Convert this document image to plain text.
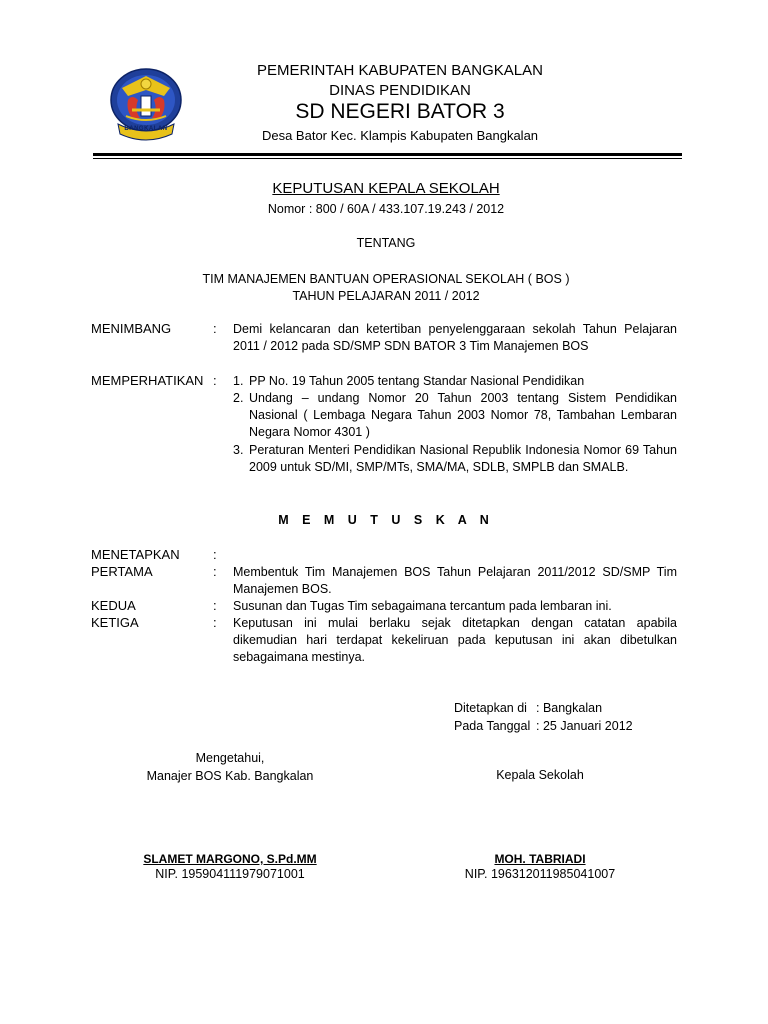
BANGKALAN
PEMERINTAH KABUPATEN BANGKALAN
DINAS PENDIDIKAN
SD NEGERI BATOR 3
Desa Bator Kec. Klampis Kabupaten Bangkalan
KEPUTUSAN KEPALA SEKOLAH
Nomor : 800 / 60A / 433.107.19.243 / 2012
TENTANG
TIM MANAJEMEN BANTUAN OPERASIONAL SEKOLAH ( BOS )
TAHUN PELAJARAN 2011 / 2012
MENIMBANG	: Demi kelancaran dan ketertiban penyelenggaraan sekolah Tahun Pelajaran 2011 / 2012 pada SD/SMP SDN BATOR 3 Tim Manajemen BOS
MEMPERHATIKAN : 1. PP No. 19 Tahun 2005 tentang Standar Nasional Pendidikan
2. Undang – undang Nomor 20 Tahun 2003 tentang Sistem Pendidikan Nasional ( Lembaga Negara Tahun 2003 Nomor 78, Tambahan Lembaran Negara Nomor 4301 )
3. Peraturan Menteri Pendidikan Nasional Republik Indonesia Nomor 69 Tahun 2009 untuk SD/MI, SMP/MTs, SMA/MA, SDLB, SMPLB dan SMALB.
M E M U T U S K A N
MENETAPKAN	:
PERTAMA	: Membentuk Tim Manajemen BOS Tahun Pelajaran 2011/2012 SD/SMP Tim Manajemen BOS.
KEDUA	: Susunan dan Tugas Tim sebagaimana tercantum pada lembaran ini.
KETIGA	: Keputusan ini mulai berlaku sejak ditetapkan dengan catatan apabila dikemudian hari terdapat kekeliruan pada keputusan ini akan dibetulkan sebagaimana mestinya.
Ditetapkan di : Bangkalan
Pada Tanggal : 25 Januari 2012
Mengetahui,
Manajer BOS Kab. Bangkalan
SLAMET MARGONO, S.Pd.MM
NIP. 195904111979071001
Kepala Sekolah
MOH. TABRIADI
NIP. 196312011985041007
